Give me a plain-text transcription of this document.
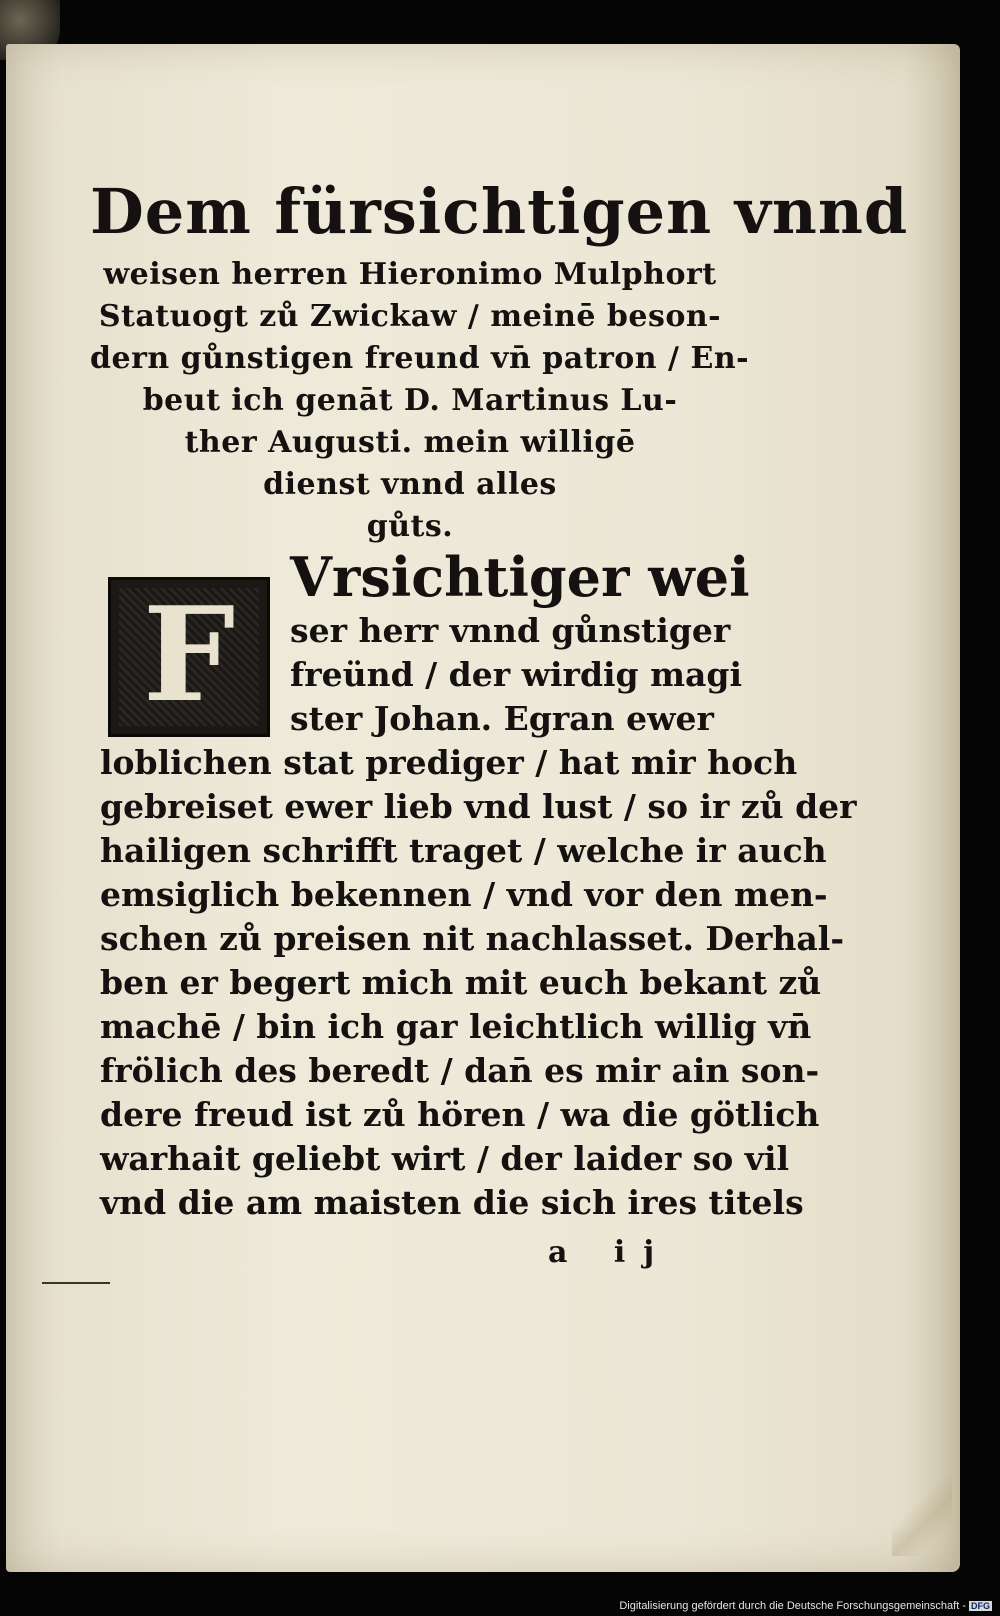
Dem fürsichtigen vnnd

weisen herren Hieronimo Mulphort

Statuogt zů Zwickaw / meinē beson-

dern gůnstigen freund vn̄ patron / En-

beut ich genāt D. Martinus Lu-

ther Augusti. mein willigē

dienst vnnd alles

gůts.

F
Vrsichtiger wei
ser herr vnnd gůnstiger
freünd / der wirdig magi
ster Johan. Egran ewer
loblichen stat prediger / hat mir hoch
gebreiset ewer lieb vnd lust / so ir zů der
hailigen schrifft traget / welche ir auch
emsiglich bekennen / vnd vor den men-
schen zů preisen nit nachlasset. Derhal-
ben er begert mich mit euch bekant zů
machē / bin ich gar leichtlich willig vn̄
frölich des beredt / dan̄ es mir ain son-
dere freud ist zů hören / wa die götlich
warhait geliebt wirt / der laider so vil
vnd die am maisten die sich ires titels
a ij
Digitalisierung gefördert durch die Deutsche Forschungsgemeinschaft - DFG
